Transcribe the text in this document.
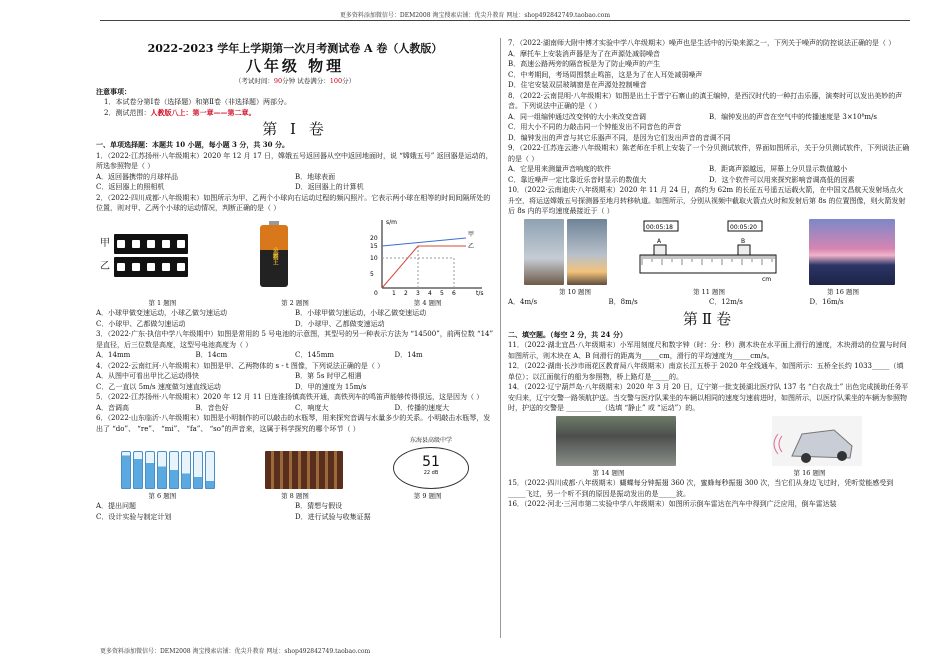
更多资料添加微信号：DEM2008 淘宝搜索店铺：优尖升教育 网址：shop492842749.taobao.com

2022-2023 学年上学期第一次月考测试卷 A 卷（人教版）

八年级 物理

（考试时间：90分钟 试卷满分：100分）

注意事项：

1．本试卷分第Ⅰ卷（选择题）和第Ⅱ卷（非选择题）两部分。

2．测试范围：人教版八上：第一章——第二章。

第 Ⅰ 卷

一、单项选择题：本题共 10 小题，每小题 3 分，共 30 分。

1．（2022·江苏扬州·八年级期末）2020 年 12 月 17 日，嫦娥五号返回器从空中返回地面时，说 “嫦娥五号” 返回器是运动的，所选参照物是（ ）

A．返回器携带的月球样品	B．地球表面
C．返回器上的照相机	D．返回器上的计算机

2．（2022·四川成都·八年级期末）如图所示为甲、乙两个小球向右运动过程的频闪照片。它表示两小球在相等的时间间隔所处的位置，则对甲、乙两个小球的运动情况，判断正确的是（ ）

甲
乙
金霸王
s/m
t/s
0
20
15
10
5
1 2 3 4 5 6
甲
乙
第 1 题图	第 2 题图	第 4 题图
A．小球甲做变速运动，小球乙做匀速运动	B．小球甲做匀速运动，小球乙做变速运动
C．小球甲、乙都做匀速运动	D．小球甲、乙都做变速运动

3．（2022·广东·执信中学八年级期中）如图是常用的 5 号电池的示意图，其型号的另一种表示方法为 “14500”，前两位数 “14” 是直径，后三位数是高度，这型号电池高度为（ ）

A．14mm	B．14cm	C．145mm	D．14m

4．（2022·云南红河·八年级期末）如图是甲、乙两物体的 s - t 图像，下列说法正确的是（ ）

A．从图中可看出甲比乙运动得快	B．第 5s 时甲乙相遇
C．乙一直以 5m/s 速度做匀速直线运动	D．甲的速度为 15m/s

5．（2022·江苏扬州·八年级期末）2020 年 12 月 11 日连淮扬镇高铁开通，高铁列车的鸣笛声能够传得很远，这是因为（ ）

A．音调高	B．音色好	C．响度大	D．传播的速度大

6．（2022·山东临沂·八年级期末）如图是小明制作的可以敲击的水瓶琴，用来探究音调与水量多少的关系。小明敲击水瓶琴，发出了 “do”、 “re”、 “mi”、 “fa”、 “so”的声音来，这属于科学探究的哪个环节（ ）

东海县高级中学
51
22 dB
第 6 题图	第 8 题图	第 9 题图
A．提出问题	B．猜想与假设
C．设计实验与制定计划	D．进行试验与收集证据

7．（2022·湖南师大附中博才实验中学八年级期末）噪声也是生活中的污染来源之一，下列关于噪声的防控说法正确的是（ ）

A．摩托车上安装消声器是为了在声源处减弱噪音

B．高速公路两旁的隔音板是为了防止噪声的产生

C．中考期间，考场周围禁止鸣笛，这是为了在人耳处减弱噪声

D．住宅安装双层玻璃窗是在声源处控制噪音

8．（2022·云南昆明·八年级期末）如图是出土于晋宁石寨山的滇王编钟，是西汉时代的一种打击乐器，演奏时可以发出美妙的声音。下列说法中正确的是（ ）

A．同一组编钟通过改变钟的大小来改变音调	B．编钟发出的声音在空气中的传播速度是 3×10⁸m/s

C．用大小不同的力敲击同一个钟能发出不同音色的声音

D．编钟发出的声音与其它乐器声不同，是因为它们发出声音的音调不同

9．（2022·江苏连云港·八年级期末）陈老师在手机上安装了一个分贝测试软件，界面如图所示，关于分贝测试软件，下列说法正确的是（ ）

A．它是用来测量声音响度的软件	B．距离声源越远，屏幕上分贝显示数值越小
C．靠近噪声一定比靠近乐音时显示的数值大	D．这个软件可以用来探究影响音调高低的因素

10．（2022·云南迪庆·八年级期末）2020 年 11 月 24 日，高约为 62m 的长征五号遥五运载火箭，在中国文昌航天发射场点火升空，将运送嫦娥五号探测器至地月转移轨道。如图所示，分别从视频中截取火箭点火时和发射后第 8s 的位置图像，则火箭发射后 8s 内的平均速度最接近于（ ）

00:05:18	00:05:20
A	B
cm
第 10 题图	第 11 题图	第 16 题图
A．4m/s	B．8m/s	C．12m/s	D．16m/s

第Ⅱ卷

二、填空题。（每空 2 分，共 24 分）

11．（2022·湖北宜昌·八年级期末）小军用刻度尺和数字钟（时：分：秒）测木块在水平面上滑行的速度，木块滑动的位置与时间如图所示，则木块在 A、B 间滑行的距离为_____cm，滑行的平均速度为_____cm/s。

12．（2022·湖南·长沙市雨花区教育局八年级期末）南京长江五桥于 2020 年全线通车，如图所示：五桥全长约 1033_____（填单位）；以江面航行的船为参照物，桥上路灯是_____的。

14．（2022·辽宁葫芦岛·八年级期末）2020 年 3 月 20 日，辽宁第一批支援湖北医疗队 137 名 “白衣战士” 出色完成援助任务平安归来，辽宁交警一路领航护送。当交警与医疗队乘坐的车辆以相同的速度匀速前进时，如图所示，以医疗队乘坐的车辆为参照物时，护送的交警是 __________（选填 “静止” 或 “运动”）的。

第 14 题图	第 16 题图

15．（2022·四川成都·八年级期末）蝴蝶每分钟振翅 360 次，蜜蜂每秒振翅 300 次，当它们从身边飞过时，凭听觉能感受到_____飞过，另一个听不到的原因是振动发出的是_____波。

16．（2022·河北·三河市第二实验中学八年级期末）如图所示倒车雷达在汽车中得到广泛应用，倒车雷达装

更多资料添加微信号：DEM2008 淘宝搜索店铺：优尖升教育 网址：shop492842749.taobao.com
